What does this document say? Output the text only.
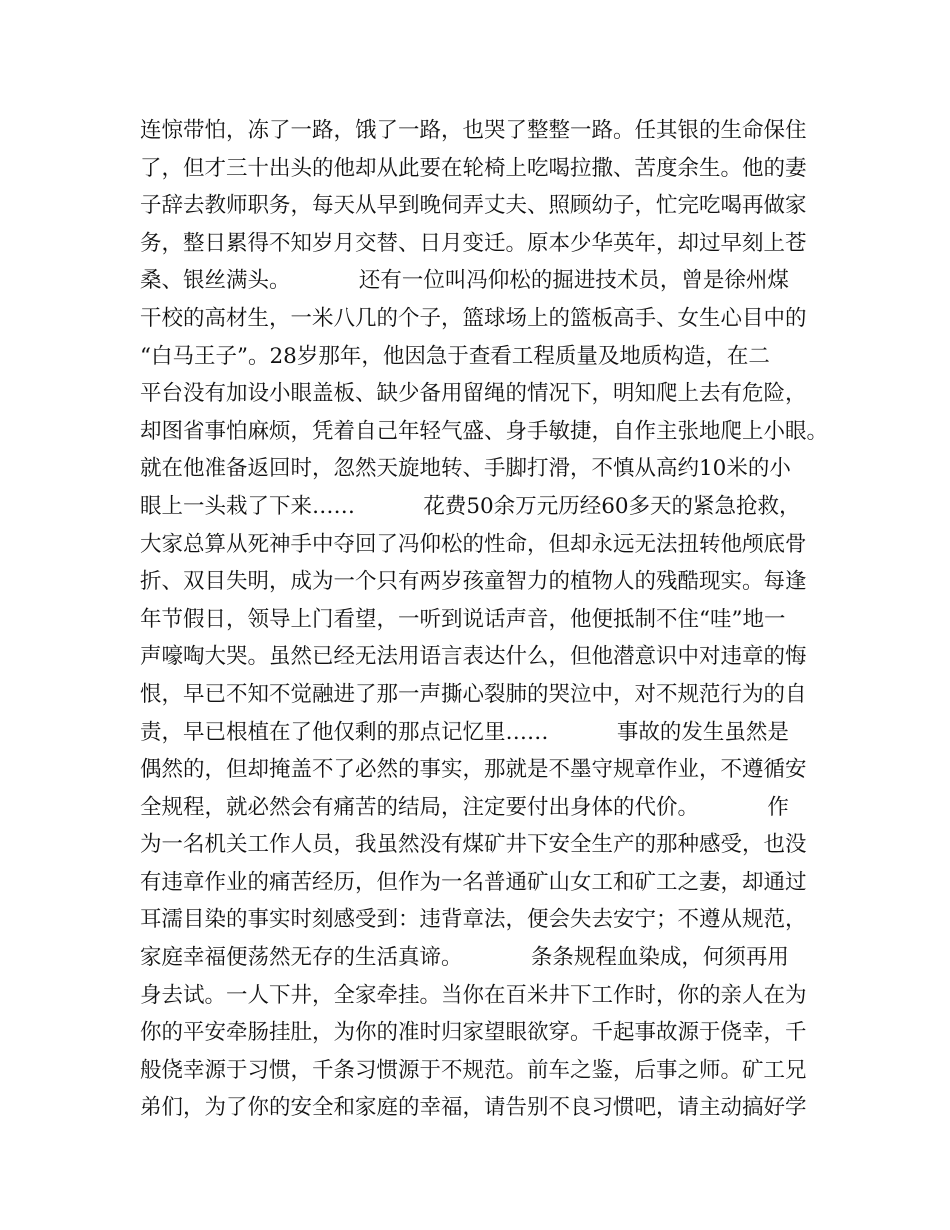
连惊带怕，冻了一路，饿了一路，也哭了整整一路。任其银的生命保住
了，但才三十出头的他却从此要在轮椅上吃喝拉撒、苦度余生。他的妻
子辞去教师职务，每天从早到晚伺弄丈夫、照顾幼子，忙完吃喝再做家
务，整日累得不知岁月交替、日月变迁。原本少华英年，却过早刻上苍
桑、银丝满头。          还有一位叫冯仰松的掘进技术员，曾是徐州煤
干校的高材生，一米八几的个子，篮球场上的篮板高手、女生心目中的
“白马王子”。28岁那年，他因急于查看工程质量及地质构造，在二
平台没有加设小眼盖板、缺少备用留绳的情况下，明知爬上去有危险，
却图省事怕麻烦，凭着自己年轻气盛、身手敏捷，自作主张地爬上小眼。
就在他准备返回时，忽然天旋地转、手脚打滑，不慎从高约10米的小
眼上一头栽了下来……          花费50余万元历经60多天的紧急抢救，
大家总算从死神手中夺回了冯仰松的性命，但却永远无法扭转他颅底骨
折、双目失明，成为一个只有两岁孩童智力的植物人的残酷现实。每逢
年节假日，领导上门看望，一听到说话声音，他便抵制不住“哇”地一
声嚎啕大哭。虽然已经无法用语言表达什么，但他潜意识中对违章的悔
恨，早已不知不觉融进了那一声撕心裂肺的哭泣中，对不规范行为的自
责，早已根植在了他仅剩的那点记忆里……          事故的发生虽然是
偶然的，但却掩盖不了必然的事实，那就是不墨守规章作业，不遵循安
全规程，就必然会有痛苦的结局，注定要付出身体的代价。          作
为一名机关工作人员，我虽然没有煤矿井下安全生产的那种感受，也没
有违章作业的痛苦经历，但作为一名普通矿山女工和矿工之妻，却通过
耳濡目染的事实时刻感受到：违背章法，便会失去安宁；不遵从规范，
家庭幸福便荡然无存的生活真谛。          条条规程血染成，何须再用
身去试。一人下井，全家牵挂。当你在百米井下工作时，你的亲人在为
你的平安牵肠挂肚，为你的准时归家望眼欲穿。千起事故源于侥幸，千
般侥幸源于习惯，千条习惯源于不规范。前车之鉴，后事之师。矿工兄
弟们，为了你的安全和家庭的幸福，请告别不良习惯吧，请主动搞好学
